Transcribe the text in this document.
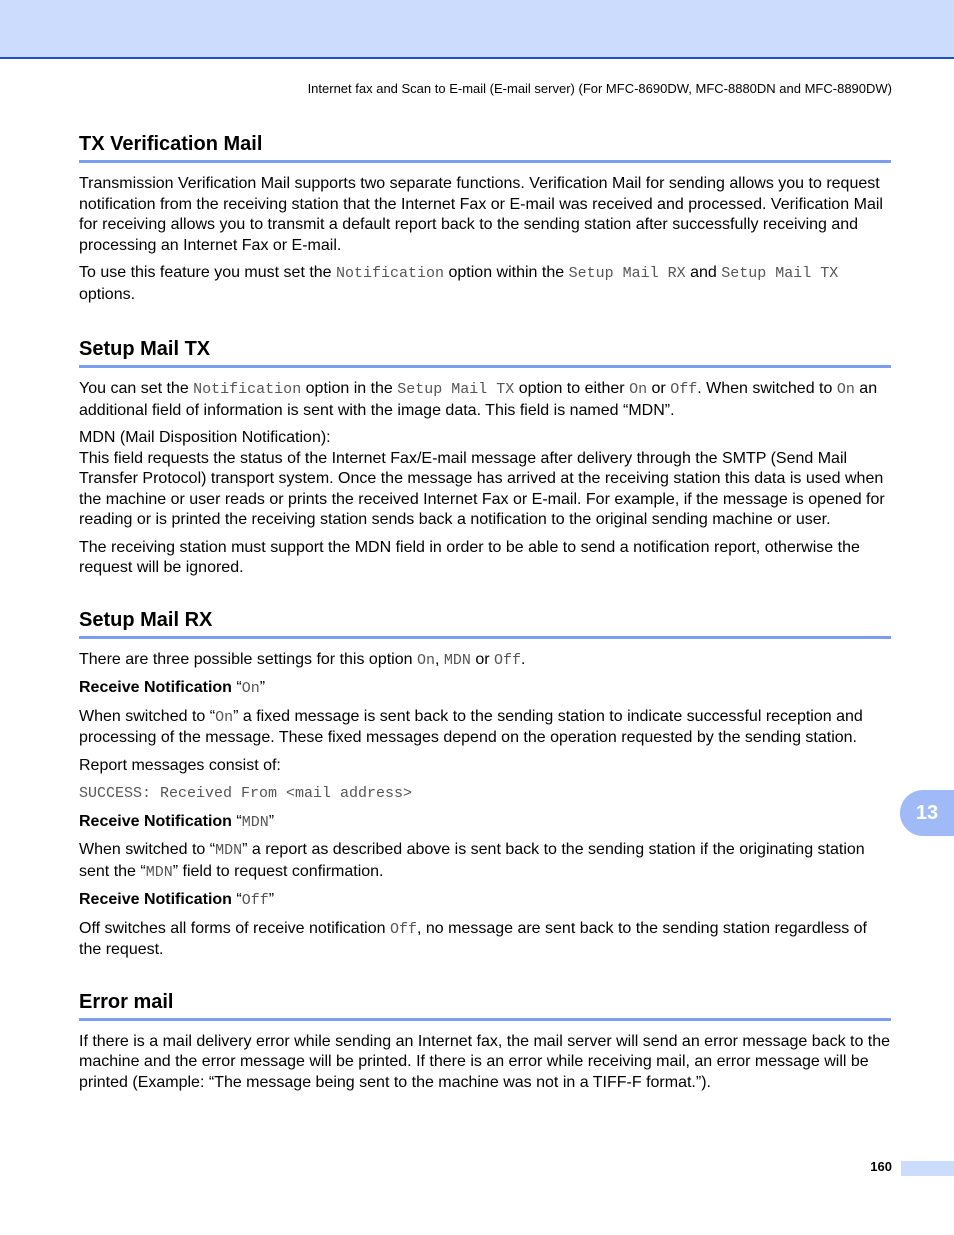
Internet fax and Scan to E-mail (E-mail server) (For MFC-8690DW, MFC-8880DN and MFC-8890DW)
TX Verification Mail

Transmission Verification Mail supports two separate functions. Verification Mail for sending allows you to request notification from the receiving station that the Internet Fax or E-mail was received and processed. Verification Mail for receiving allows you to transmit a default report back to the sending station after successfully receiving and processing an Internet Fax or E-mail.

To use this feature you must set the Notification option within the Setup Mail RX and Setup Mail TX options.

Setup Mail TX

You can set the Notification option in the Setup Mail TX option to either On or Off. When switched to On an additional field of information is sent with the image data. This field is named “MDN”.

MDN (Mail Disposition Notification):

This field requests the status of the Internet Fax/E-mail message after delivery through the SMTP (Send Mail Transfer Protocol) transport system. Once the message has arrived at the receiving station this data is used when the machine or user reads or prints the received Internet Fax or E-mail. For example, if the message is opened for reading or is printed the receiving station sends back a notification to the original sending machine or user.

The receiving station must support the MDN field in order to be able to send a notification report, otherwise the request will be ignored.

Setup Mail RX

There are three possible settings for this option On, MDN or Off.

Receive Notification “On”

When switched to “On” a fixed message is sent back to the sending station to indicate successful reception and processing of the message. These fixed messages depend on the operation requested by the sending station.

Report messages consist of:

SUCCESS: Received From <mail address>

Receive Notification “MDN”

When switched to “MDN” a report as described above is sent back to the sending station if the originating station sent the “MDN” field to request confirmation.

Receive Notification “Off”

Off switches all forms of receive notification Off, no message are sent back to the sending station regardless of the request.

Error mail

If there is a mail delivery error while sending an Internet fax, the mail server will send an error message back to the machine and the error message will be printed. If there is an error while receiving mail, an error message will be printed (Example: “The message being sent to the machine was not in a TIFF-F format.”).

13
160
